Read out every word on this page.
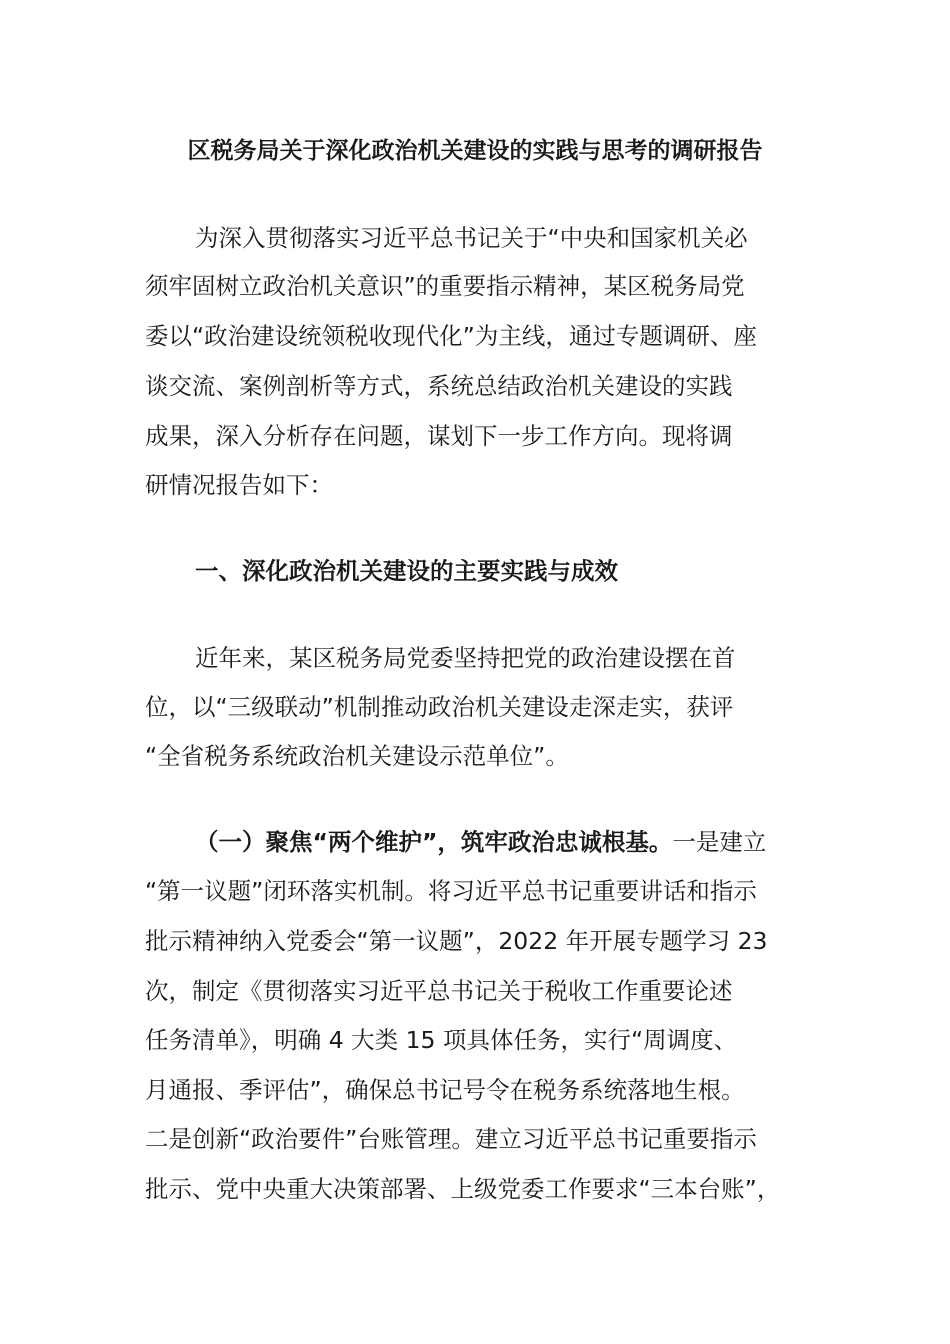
区税务局关于深化政治机关建设的实践与思考的调研报告

为深入贯彻落实习近平总书记关于“中央和国家机关必

须牢固树立政治机关意识”的重要指示精神，某区税务局党

委以“政治建设统领税收现代化”为主线，通过专题调研、座

谈交流、案例剖析等方式，系统总结政治机关建设的实践

成果，深入分析存在问题，谋划下一步工作方向。现将调

研情况报告如下：

一、深化政治机关建设的主要实践与成效

近年来，某区税务局党委坚持把党的政治建设摆在首

位，以“三级联动”机制推动政治机关建设走深走实，获评

“全省税务系统政治机关建设示范单位”。

（一）聚焦“两个维护”，筑牢政治忠诚根基。一是建立

“第一议题”闭环落实机制。将习近平总书记重要讲话和指示

批示精神纳入党委会“第一议题”，2022 年开展专题学习 23

次，制定《贯彻落实习近平总书记关于税收工作重要论述

任务清单》，明确 4 大类 15 项具体任务，实行“周调度、

月通报、季评估”，确保总书记号令在税务系统落地生根。

二是创新“政治要件”台账管理。建立习近平总书记重要指示

批示、党中央重大决策部署、上级党委工作要求“三本台账”，
